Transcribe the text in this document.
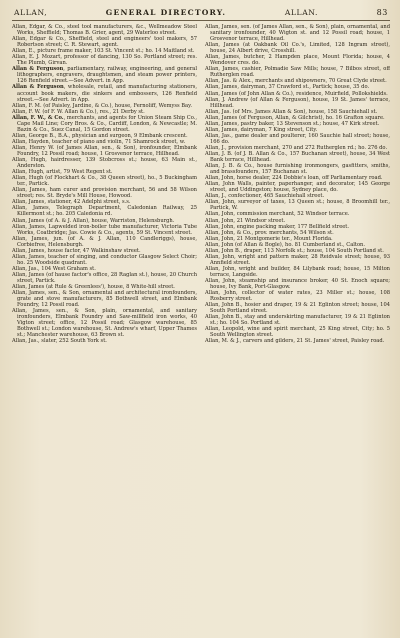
ALLAN,	GENERAL DIRECTORY.	ALLAN.	83

Allan, Edgar, & Co., steel tool manufacturers, &c., Wellmeadow Steel Works, Sheffield; Thomas B. Grier, agent, 29 Waterloo street.

Allan, Edgar & Co., Sheffield, steel and engineers' tool makers, 57 Robertson street; C. R. Stewart, agent.

Allan, E., picture frame maker, 103 St. Vincent st.; ho. 14 Maitland st.

Allan, E. J. Mozart, professor of dancing, 130 So. Portland street; res. The Plumb, Girvan.

Allan & Ferguson, parliamentary, railway, engineering, and general lithographers, engravers, draughtsmen, and steam power printers, 126 Renfield street.—See Advert. in App.

Allan & Ferguson, wholesale, retail, and manufacturing stationers, account book makers, die sinkers and embossers, 126 Renfield street.—See Advert. in App.

Allan, F. M. (of Paisley, Jardine, & Co.), house, Fernoliff, Wemyss Bay.

Allan, F. W. (of F. W. Allan & Co.), res., 21 Derby st.

Allan, F. W., & Co., merchants, and agents for Union Steam Ship Co., Cape Mail Line; Cory Bros. & Co., Cardiff, London, & Newcastle; M. Bazin & Co., Suez Canal, 15 Gordon street.

Allan, George B., B.A., physician and surgeon, 9 Elmbank crescent.

Allan, Hayden, teacher of piano and violin, 71 Shamrock street, w.

Allan, Henry W. (of James Allan, sen., & Son), ironfounder, Elmbank Foundry, 12 Possil road; house, 1 Grosvenor terrace, Hillhead.

Allan, Hugh, hairdresser, 139 Stobcross st.; house, 63 Main st., Anderston.

Allan, Hugh, artist, 79 West Regent st.

Allan, Hugh (of Flockhart & Co., 38 Queen street), ho., 5 Buckingham ter., Partick.

Allan, James, ham curer and provision merchant, 56 and 58 Wilson street; res. St. Bryde's Mill House, Howood.

Allan, James, stationer, 42 Adelphi street, s.s.

Allan, James, Telegraph Department, Caledonian Railway, 25 Killermont st.; ho. 205 Caledonia rd.

Allan, James (of A. & J. Allan), house, Warriston, Helensburgh.

Allan, James, Lapwelded iron-boiler tube manufacturer, Victoria Tube Works, Coatbridge; Jas. Cowie & Co., agents, 59 St. Vincent street.

Allan, James, jun. (of A. & J. Allan, 110 Candleriggs), house, Corbiefree, Helensburgh.

Allan, James, house factor, 47 Walkinshaw street.

Allan, James, teacher of singing, and conductor Glasgow Select Choir; ho. 25 Woodside quadrant.

Allan, Jas., 104 West Graham st.

Allan, James (of hause factor's office, 28 Raglan st.), house, 20 Church street, Partick.

Allan, James (at Rule & Greenlees'), house, 8 White-hill street.

Allan, James, sen., & Son, ornamental and architectural ironfounders, grate and stove manufacturers, 85 Bothwell street, and Elmbank Foundry, 12 Possil road.

Allan, James, sen., & Son, plain, ornamental, and sanitary ironfounders, Elmbank Foundry and Saw-millfield iron works, 40 Vigton street; office, 12 Possil road; Glasgow warehouse, 85 Bothwell st.; London warehouse, St. Andrew's wharf, Upper Thames st.; Manchester warehouse, 63 Brown st.

Allan, Jas., slater, 252 South York st.

Allan, James, sen. (of James Allan, sen., & Son), plain, ornamental, and sanitary ironfounder, 40 Wigton st. and 12 Possil road; house, 1 Grosvenor terrace, Hillhead.

Allan, James (at Oakbank Oil Co.'s, Limited, 128 Ingram street), house, 24 Albert drive, Crosshill.

Allan, James, butcher, 2 Hampden place, Mount Florida; house, 4 Wendover cres. do.

Allan, James, cashier, Polmadie Saw Mills; house, 7 Bilbos street, off Rutherglen road.

Allan, Jas. & Alex., merchants and shipowners, 70 Great Clyde street.

Allan, James, dairyman, 37 Crawford st., Partick; house, 35 do.

Allan, James (of John Allan & Co.), residence, Muirfield, Pollokshields.

Allan, J. Andrew (of Allan & Ferguson), house, 19 St. James' terrace, Hillhead.

Allan, Jas. (of Mrs. James Allan & Son), house, 158 Sauchiehall st.

Allan, James (of Ferguson, Allan, & Gilchrist), ho. 16 Grafton square.

Allan, James, pastry baker, 13 Stevenson st.; house, 47 Kirk street.

Allan, James, dairyman, 7 King street, City.

Allan, Jas., game dealer and poulterer, 160 Sauchie hall street; house, 166 do.

Allan, J., provision merchant, 270 and 272 Rutherglen rd.; ho. 276 do.

Allan, J. B. (of J. B. Allan & Co., 157 Buchanan street), house, 34 West Bank terrace, Hillhead.

Allan, J. B. & Co., house furnishing ironmongers, gasfitters, smiths, and brassfounders, 157 Buchanan st.

Allan, John, horse dealer, 224 Dobbie's loan, off Parliamentary road.

Allan, John Walls, painter, paperhanger, and decorator, 145 George street, and Uddingston; house, Sydney place, do.

Allan, J., confectioner, 465 Sauchiehall street.

Allan, John, surveyor of taxes, 13 Queen st.; house, 8 Broomhill ter., Partick, W.

Allan, John, commission merchant, 52 Windsor terrace.

Allan, John, 21 Windsor street.

Allan, John, engine packing maker, 177 Bellfield street.

Allan, John, & Co., prov. merchants, 54 Wilson st.

Allan, John, 21 Montgomerie ter., Mount Florida.

Allan, John (of Allan & Bogle), ho. 81 Cumberland st., Calton.

Allan, John B., draper, 113 Norfolk st.; house, 104 South Portland st.

Allan, John, wright and pattern maker, 28 Reidvale street; house, 93 Annfield street.

Allan, John, wright and builder, 84 Lilybank road; house, 15 Milton terrace, Langside.

Allan, John, steamship and insurance broker, 40 St. Enoch square; house, Ivy Bank, Port-Glasgow.

Allan, John, collector of water rates, 23 Miller st.; house, 108 Rosberry street.

Allan, John B., hosier and draper, 19 & 21 Eglinton street; house, 104 South Portland street.

Allan, John B., stay and underskirting manufacturer, 19 & 21 Eglinton st.; ho. 104 So. Portland st.

Allan, Leopold, wine and spirit merchant, 25 King street, City; ho. 5 South Wellington street.

Allan, M. & J., carvers and gilders, 21 St. James' street, Paisley road.
